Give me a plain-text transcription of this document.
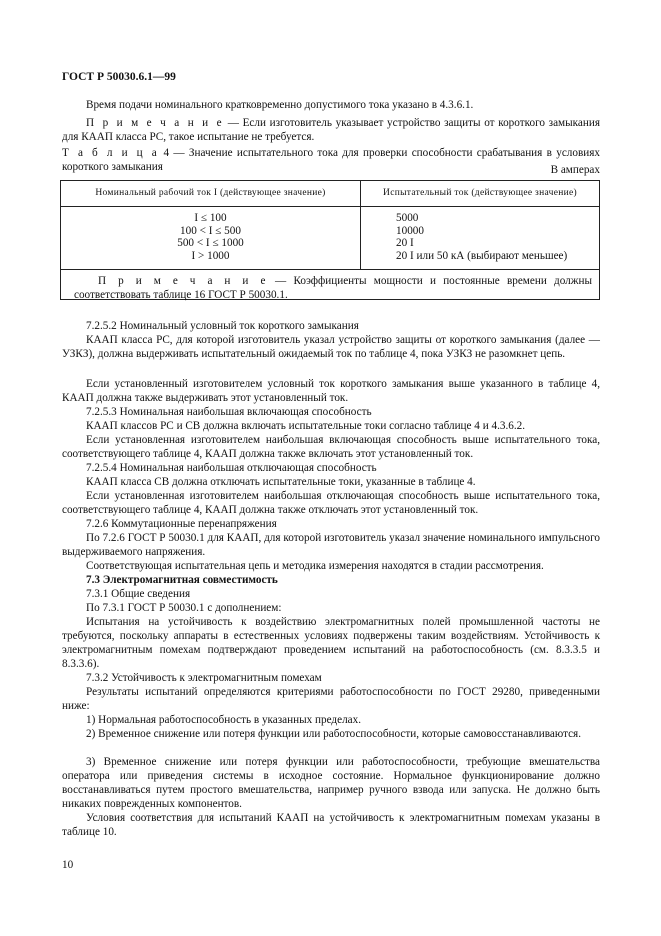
ГОСТ Р 50030.6.1—99
Время подачи номинального кратковременно допустимого тока указано в 4.3.6.1.
П р и м е ч а н и е — Если изготовитель указывает устройство защиты от короткого замыкания для КААП класса PC, такое испытание не требуется.
Т а б л и ц а 4 — Значение испытательного тока для проверки способности срабатывания в условиях короткого замыкания	В амперах
Номинальный рабочий ток I (действующее значение)	Испытательный ток (действующее значение)
I ≤ 100
100 < I ≤ 500
500 < I ≤ 1000
I > 1000
5000
10000
20 I
20 I или 50 кА (выбирают меньшее)
П р и м е ч а н и е — Коэффициенты мощности и постоянные времени должны соответствовать таблице 16 ГОСТ Р 50030.1.
7.2.5.2 Номинальный условный ток короткого замыкания
КААП класса PC, для которой изготовитель указал устройство защиты от короткого замыкания (далее — УЗКЗ), должна выдерживать испытательный ожидаемый ток по таблице 4, пока УЗКЗ не разомкнет цепь.
Если установленный изготовителем условный ток короткого замыкания выше указанного в таблице 4, КААП должна также выдерживать этот установленный ток.
7.2.5.3 Номинальная наибольшая включающая способность
КААП классов PC и CB должна включать испытательные токи согласно таблице 4 и 4.3.6.2.
Если установленная изготовителем наибольшая включающая способность выше испытательного тока, соответствующего таблице 4, КААП должна также включать этот установленный ток.
7.2.5.4 Номинальная наибольшая отключающая способность
КААП класса CB должна отключать испытательные токи, указанные в таблице 4.
Если установленная изготовителем наибольшая отключающая способность выше испытательного тока, соответствующего таблице 4, КААП должна также отключать этот установленный ток.
7.2.6 Коммутационные перенапряжения
По 7.2.6 ГОСТ Р 50030.1 для КААП, для которой изготовитель указал значение номинального импульсного выдерживаемого напряжения.
Соответствующая испытательная цепь и методика измерения находятся в стадии рассмотрения.
7.3 Электромагнитная совместимость
7.3.1 Общие сведения
По 7.3.1 ГОСТ Р 50030.1 с дополнением:
Испытания на устойчивость к воздействию электромагнитных полей промышленной частоты не требуются, поскольку аппараты в естественных условиях подвержены таким воздействиям. Устойчивость к электромагнитным помехам подтверждают проведением испытаний на работоспособность (см. 8.3.3.5 и 8.3.3.6).
7.3.2 Устойчивость к электромагнитным помехам
Результаты испытаний определяются критериями работоспособности по ГОСТ 29280, приведенными ниже:
1) Нормальная работоспособность в указанных пределах.
2) Временное снижение или потеря функции или работоспособности, которые самовосстанавливаются.
3) Временное снижение или потеря функции или работоспособности, требующие вмешательства оператора или приведения системы в исходное состояние. Нормальное функционирование должно восстанавливаться путем простого вмешательства, например ручного взвода или запуска. Не должно быть никаких поврежденных компонентов.
Условия соответствия для испытаний КААП на устойчивость к электромагнитным помехам указаны в таблице 10.
10
